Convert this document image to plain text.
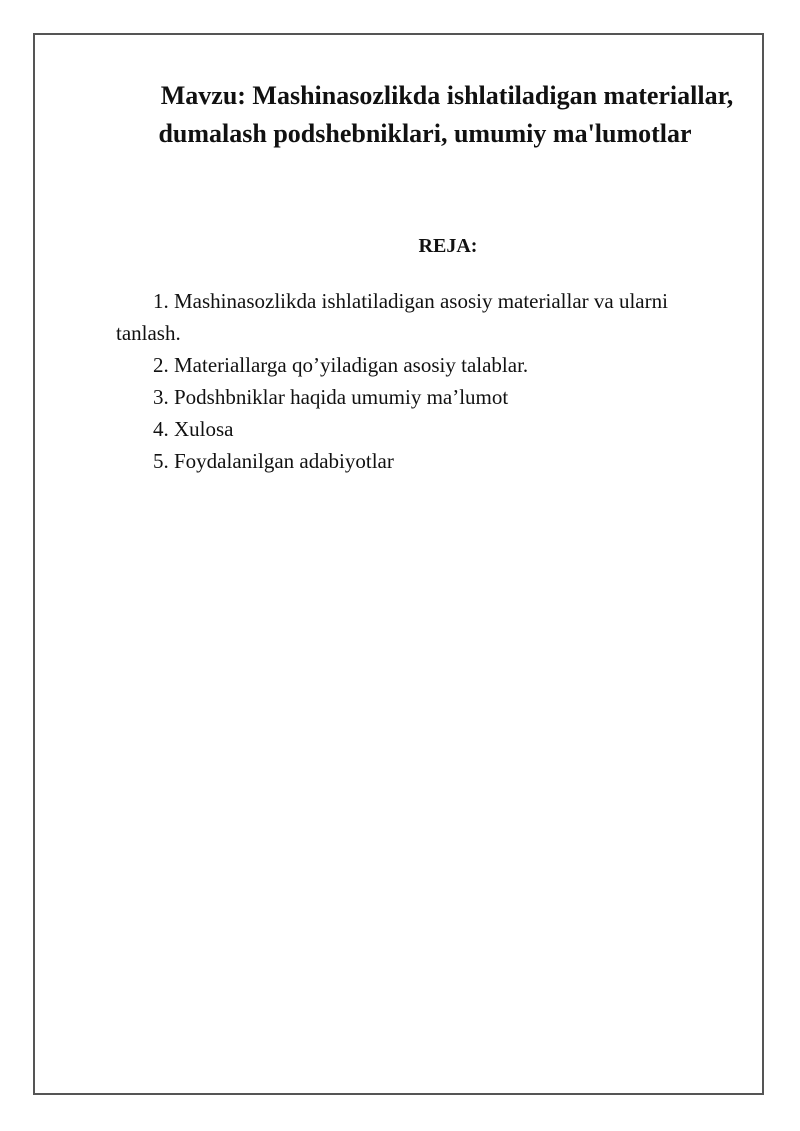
Mavzu: Mashinasozlikda ishlatiladigan materiallar, dumalash podshebniklari, umumiy ma'lumotlar
REJA:
1. Mashinasozlikda ishlatiladigan asosiy materiallar va ularni tanlash.
2. Materiallarga qo’yiladigan asosiy talablar.
3. Podshbniklar haqida umumiy ma’lumot
4. Xulosa
5. Foydalanilgan adabiyotlar
